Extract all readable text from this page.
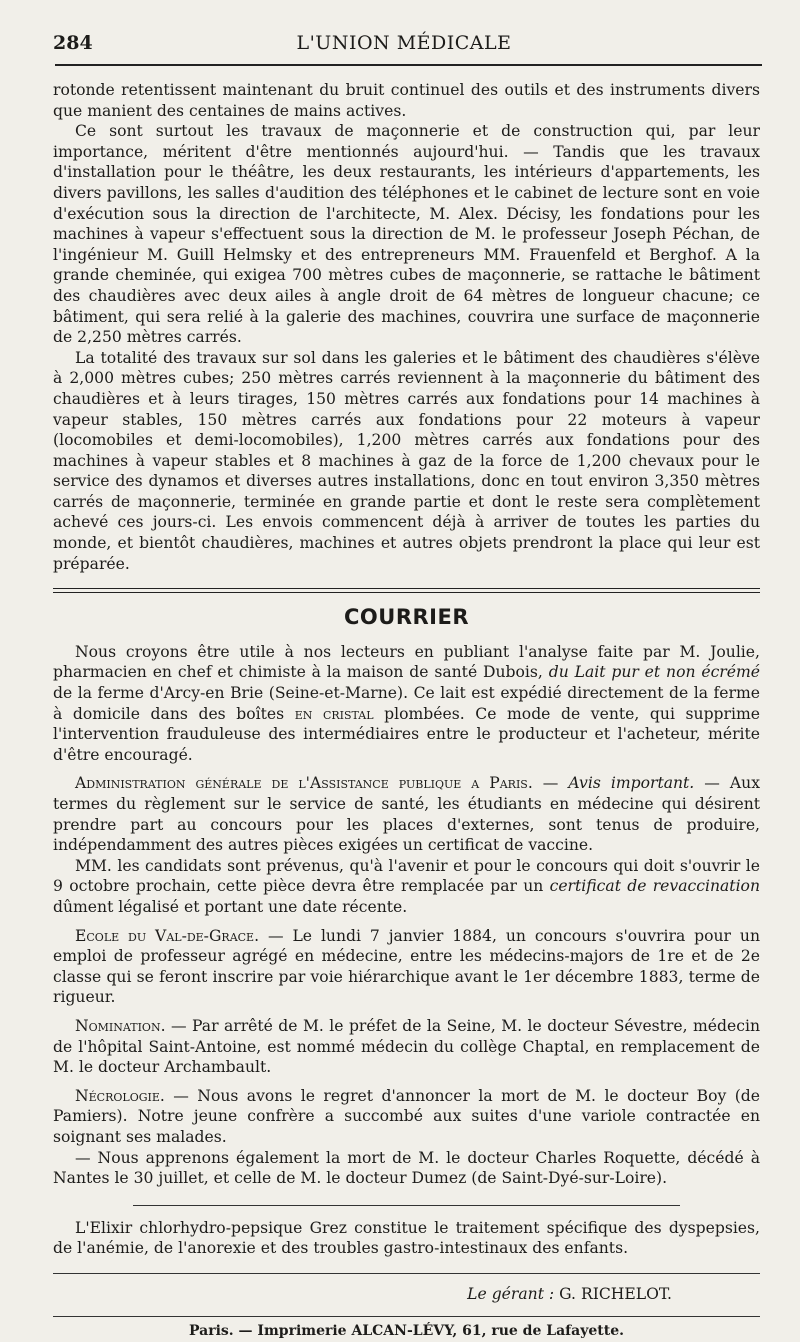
284	L'UNION MÉDICALE

rotonde retentissent maintenant du bruit continuel des outils et des instruments divers que manient des centaines de mains actives.

Ce sont surtout les travaux de maçonnerie et de construction qui, par leur importance, méritent d'être mentionnés aujourd'hui. — Tandis que les travaux d'installation pour le théâtre, les deux restaurants, les intérieurs d'appartements, les divers pavillons, les salles d'audition des téléphones et le cabinet de lecture sont en voie d'exécution sous la direction de l'architecte, M. Alex. Décisy, les fondations pour les machines à vapeur s'effectuent sous la direction de M. le professeur Joseph Péchan, de l'ingénieur M. Guill Helmsky et des entrepreneurs MM. Frauenfeld et Berghof. A la grande cheminée, qui exigea 700 mètres cubes de maçonnerie, se rattache le bâtiment des chaudières avec deux ailes à angle droit de 64 mètres de longueur chacune; ce bâtiment, qui sera relié à la galerie des machines, couvrira une surface de maçonnerie de 2,250 mètres carrés.

La totalité des travaux sur sol dans les galeries et le bâtiment des chaudières s'élève à 2,000 mètres cubes; 250 mètres carrés reviennent à la maçonnerie du bâtiment des chaudières et à leurs tirages, 150 mètres carrés aux fondations pour 14 machines à vapeur stables, 150 mètres carrés aux fondations pour 22 moteurs à vapeur (locomobiles et demi-locomobiles), 1,200 mètres carrés aux fondations pour des machines à vapeur stables et 8 machines à gaz de la force de 1,200 chevaux pour le service des dynamos et diverses autres installations, donc en tout environ 3,350 mètres carrés de maçonnerie, terminée en grande partie et dont le reste sera complètement achevé ces jours-ci. Les envois commencent déjà à arriver de toutes les parties du monde, et bientôt chaudières, machines et autres objets prendront la place qui leur est préparée.

COURRIER

Nous croyons être utile à nos lecteurs en publiant l'analyse faite par M. Joulie, pharmacien en chef et chimiste à la maison de santé Dubois, du Lait pur et non écrémé de la ferme d'Arcy-en Brie (Seine-et-Marne). Ce lait est expédié directement de la ferme à domicile dans des boîtes en cristal plombées. Ce mode de vente, qui supprime l'intervention frauduleuse des intermédiaires entre le producteur et l'acheteur, mérite d'être encouragé.

Administration générale de l'Assistance publique a Paris. — Avis important. — Aux termes du règlement sur le service de santé, les étudiants en médecine qui désirent prendre part au concours pour les places d'externes, sont tenus de produire, indépendamment des autres pièces exigées un certificat de vaccine.

MM. les candidats sont prévenus, qu'à l'avenir et pour le concours qui doit s'ouvrir le 9 octobre prochain, cette pièce devra être remplacée par un certificat de revaccination dûment légalisé et portant une date récente.

Ecole du Val-de-Grace. — Le lundi 7 janvier 1884, un concours s'ouvrira pour un emploi de professeur agrégé en médecine, entre les médecins-majors de 1re et de 2e classe qui se feront inscrire par voie hiérarchique avant le 1er décembre 1883, terme de rigueur.

Nomination. — Par arrêté de M. le préfet de la Seine, M. le docteur Sévestre, médecin de l'hôpital Saint-Antoine, est nommé médecin du collège Chaptal, en remplacement de M. le docteur Archambault.

Nécrologie. — Nous avons le regret d'annoncer la mort de M. le docteur Boy (de Pamiers). Notre jeune confrère a succombé aux suites d'une variole contractée en soignant ses malades.

— Nous apprenons également la mort de M. le docteur Charles Roquette, décédé à Nantes le 30 juillet, et celle de M. le docteur Dumez (de Saint-Dyé-sur-Loire).

L'Elixir chlorhydro-pepsique Grez constitue le traitement spécifique des dyspepsies, de l'anémie, de l'anorexie et des troubles gastro-intestinaux des enfants.

Le gérant : G. RICHELOT.
Paris. — Imprimerie ALCAN-LÉVY, 61, rue de Lafayette.
